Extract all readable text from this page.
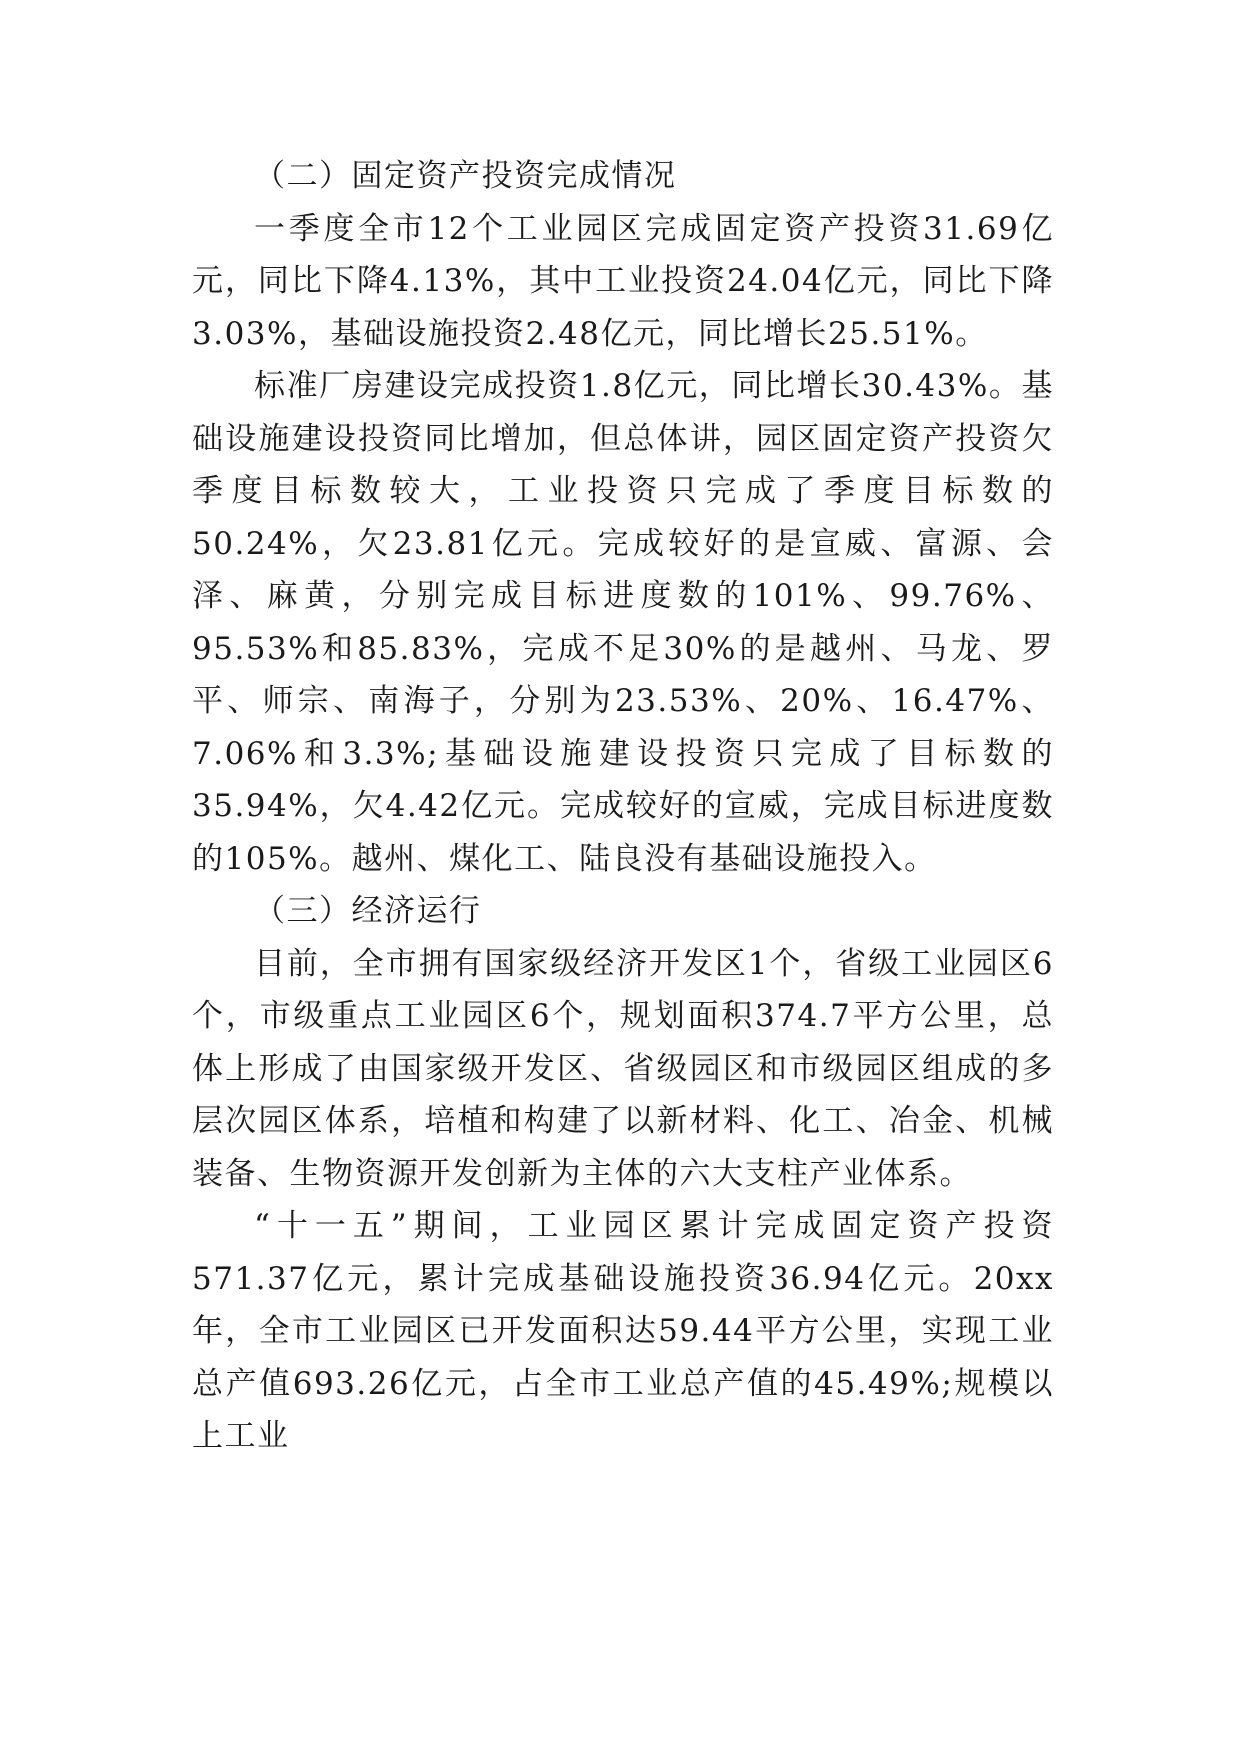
（二）固定资产投资完成情况

一季度全市12个工业园区完成固定资产投资31.69亿元，同比下降4.13%，其中工业投资24.04亿元，同比下降3.03%，基础设施投资2.48亿元，同比增长25.51%。

标准厂房建设完成投资1.8亿元，同比增长30.43%。基础设施建设投资同比增加，但总体讲，园区固定资产投资欠季度目标数较大，工业投资只完成了季度目标数的50.24%，欠23.81亿元。完成较好的是宣威、富源、会泽、麻黄，分别完成目标进度数的101%、99.76%、95.53%和85.83%，完成不足30%的是越州、马龙、罗平、师宗、南海子，分别为23.53%、20%、16.47%、7.06%和3.3%;基础设施建设投资只完成了目标数的35.94%，欠4.42亿元。完成较好的宣威，完成目标进度数的105%。越州、煤化工、陆良没有基础设施投入。

（三）经济运行

目前，全市拥有国家级经济开发区1个，省级工业园区6个，市级重点工业园区6个，规划面积374.7平方公里，总体上形成了由国家级开发区、省级园区和市级园区组成的多层次园区体系，培植和构建了以新材料、化工、冶金、机械装备、生物资源开发创新为主体的六大支柱产业体系。

“十一五”期间，工业园区累计完成固定资产投资571.37亿元，累计完成基础设施投资36.94亿元。20xx年，全市工业园区已开发面积达59.44平方公里，实现工业总产值693.26亿元，占全市工业总产值的45.49%;规模以上工业
